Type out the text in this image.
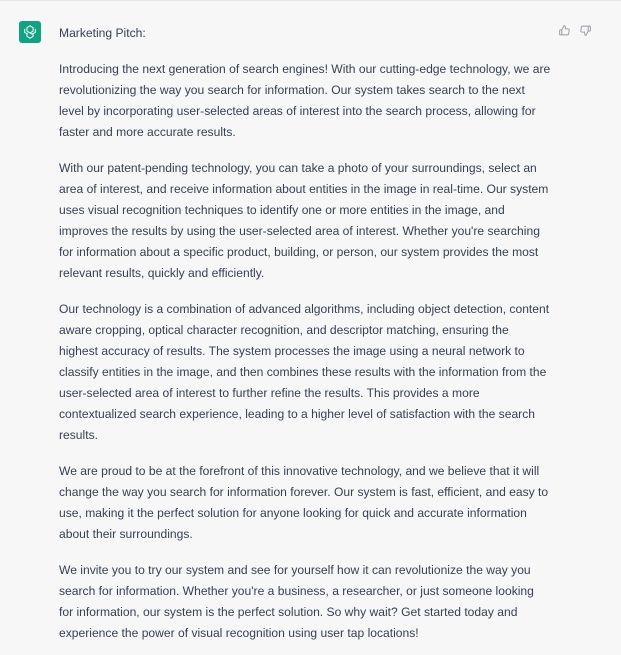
Marketing Pitch:

Introducing the next generation of search engines! With our cutting-edge technology, we are revolutionizing the way you search for information. Our system takes search to the next level by incorporating user-selected areas of interest into the search process, allowing for faster and more accurate results.

With our patent-pending technology, you can take a photo of your surroundings, select an area of interest, and receive information about entities in the image in real-time. Our system uses visual recognition techniques to identify one or more entities in the image, and improves the results by using the user-selected area of interest. Whether you're searching for information about a specific product, building, or person, our system provides the most relevant results, quickly and efficiently.

Our technology is a combination of advanced algorithms, including object detection, content aware cropping, optical character recognition, and descriptor matching, ensuring the highest accuracy of results. The system processes the image using a neural network to classify entities in the image, and then combines these results with the information from the user-selected area of interest to further refine the results. This provides a more contextualized search experience, leading to a higher level of satisfaction with the search results.

We are proud to be at the forefront of this innovative technology, and we believe that it will change the way you search for information forever. Our system is fast, efficient, and easy to use, making it the perfect solution for anyone looking for quick and accurate information about their surroundings.

We invite you to try our system and see for yourself how it can revolutionize the way you search for information. Whether you're a business, a researcher, or just someone looking for information, our system is the perfect solution. So why wait? Get started today and experience the power of visual recognition using user tap locations!
